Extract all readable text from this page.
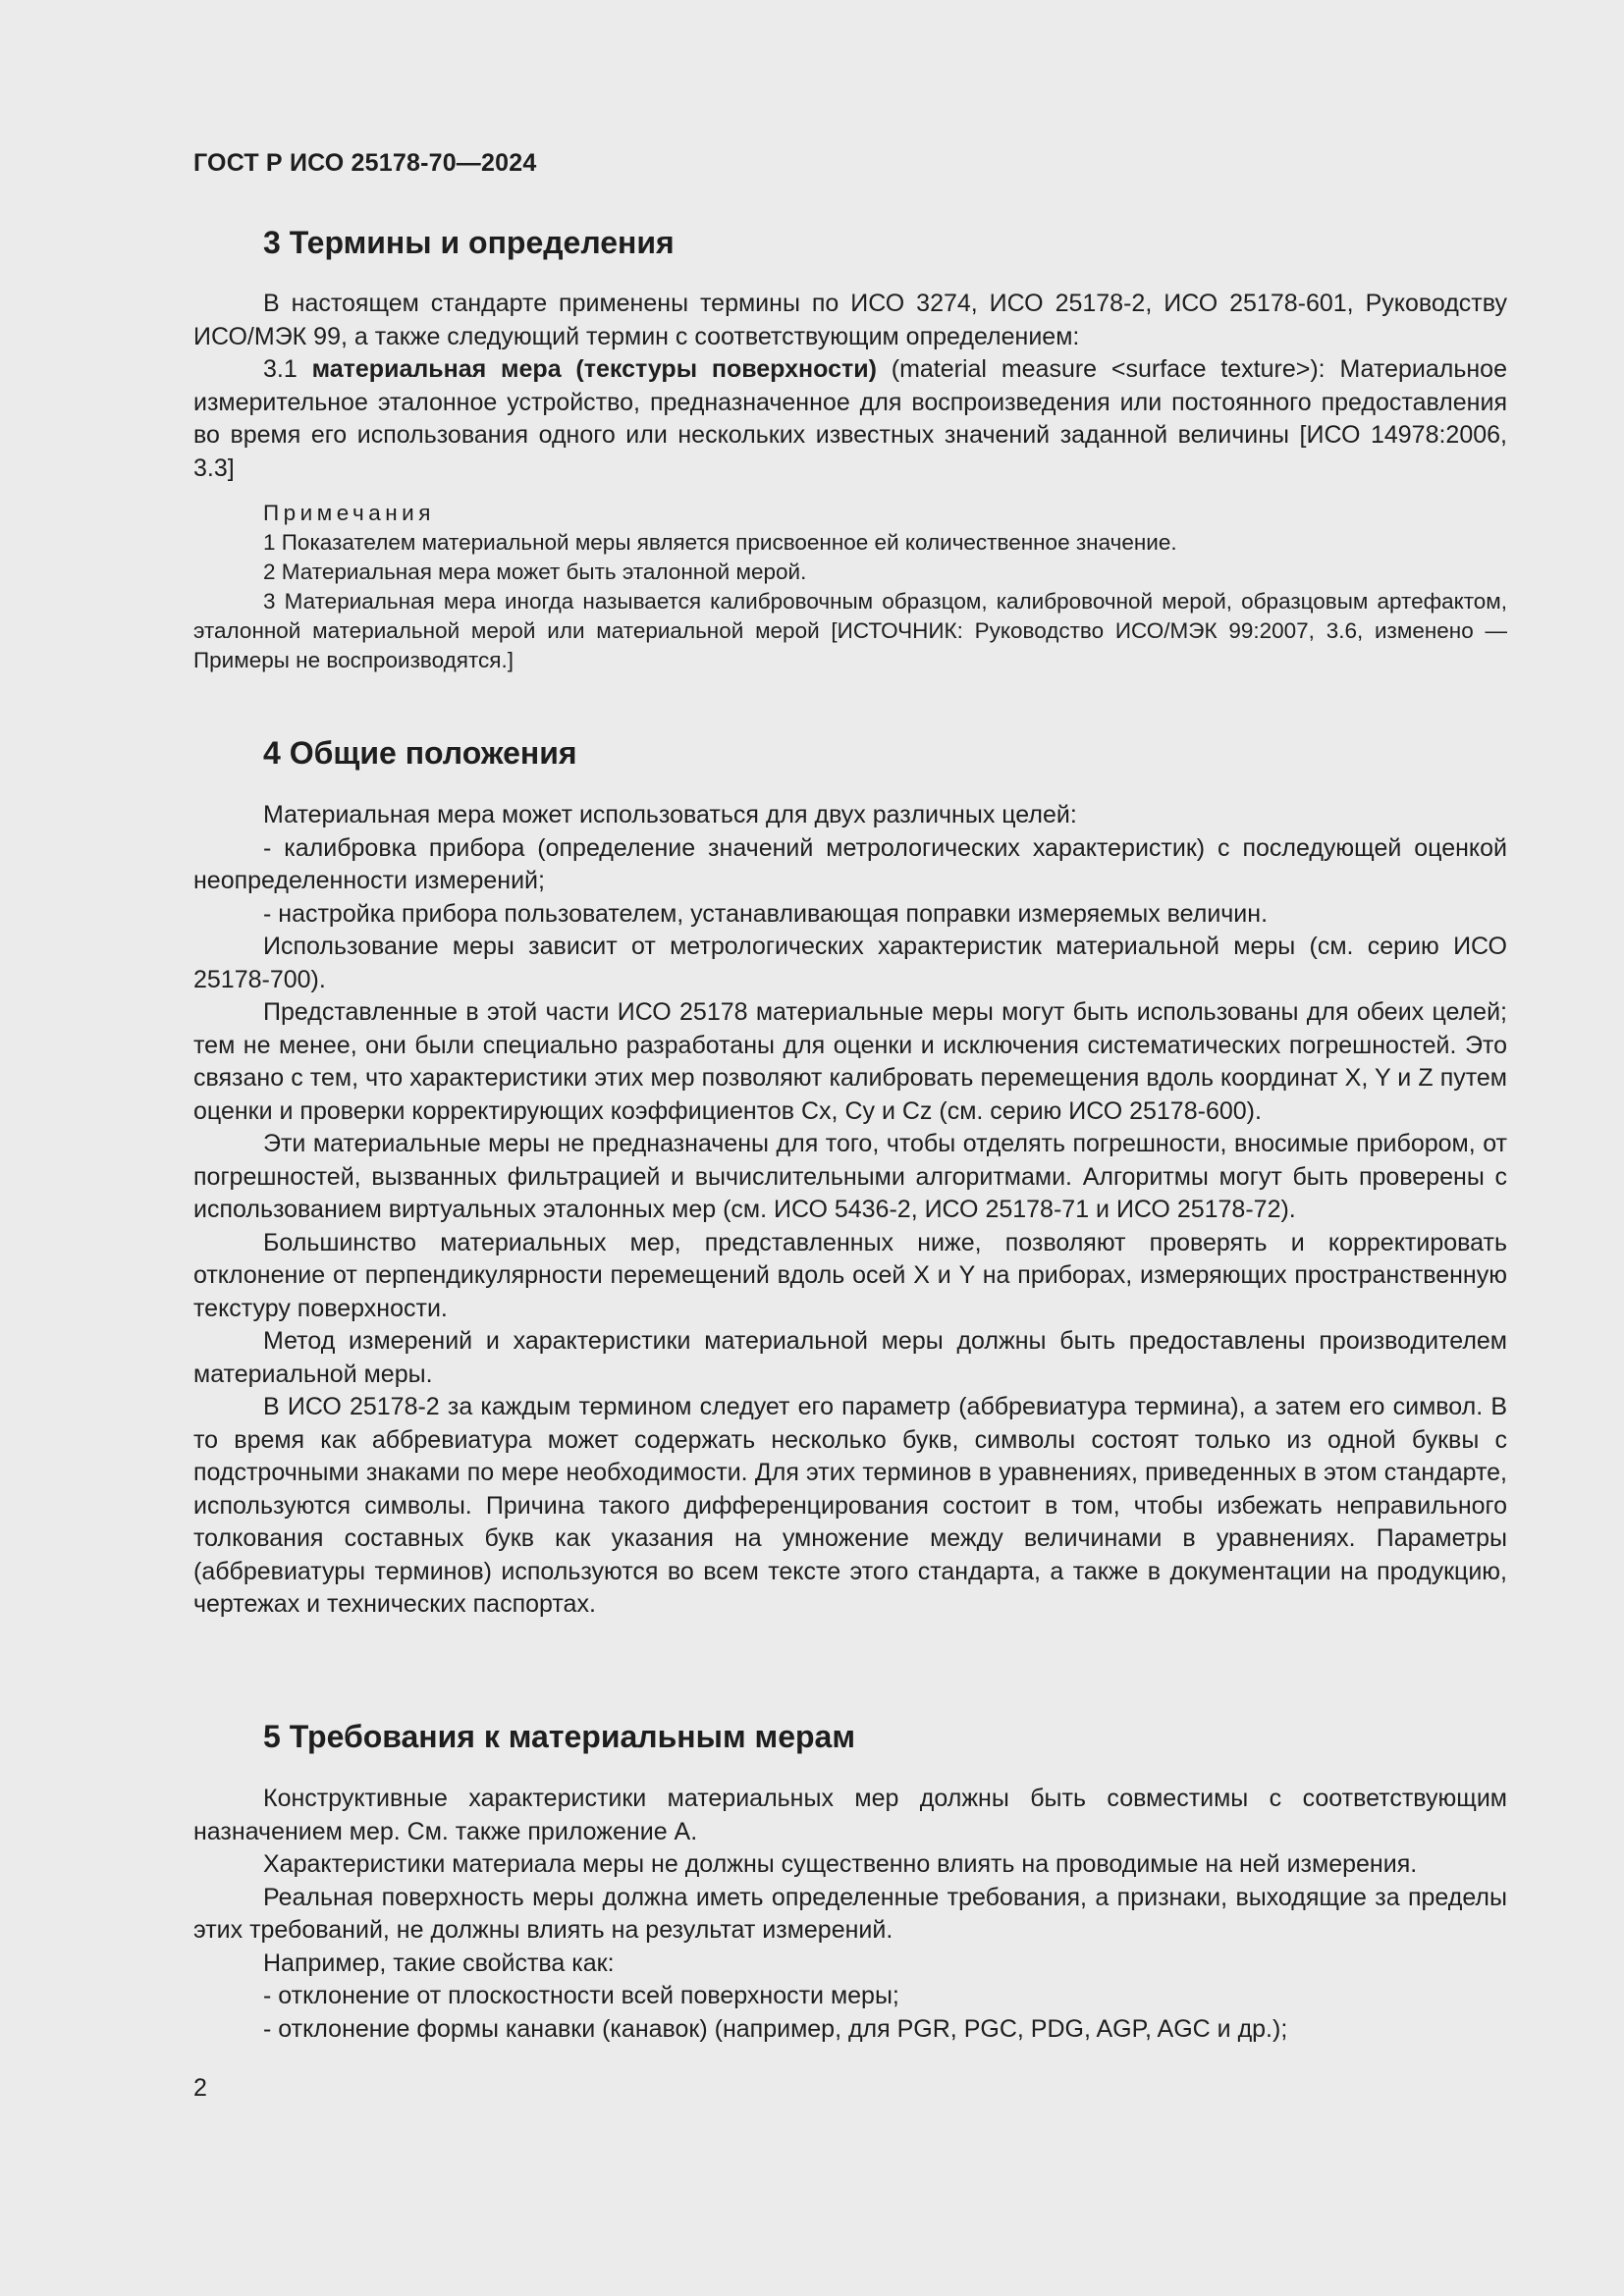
ГОСТ Р ИСО 25178-70—2024
3 Термины и определения

В настоящем стандарте применены термины по ИСО 3274, ИСО 25178-2, ИСО 25178-601, Руководству ИСО/МЭК 99, а также следующий термин с соответствующим определением:

3.1 материальная мера (текстуры поверхности) (material measure <surface texture>): Материальное измерительное эталонное устройство, предназначенное для воспроизведения или постоянного предоставления во время его использования одного или нескольких известных значений заданной величины [ИСО 14978:2006, 3.3]

Примечания

1 Показателем материальной меры является присвоенное ей количественное значение.

2 Материальная мера может быть эталонной мерой.

3 Материальная мера иногда называется калибровочным образцом, калибровочной мерой, образцовым артефактом, эталонной материальной мерой или материальной мерой [ИСТОЧНИК: Руководство ИСО/МЭК 99:2007, 3.6, изменено — Примеры не воспроизводятся.]

4 Общие положения

Материальная мера может использоваться для двух различных целей:

- калибровка прибора (определение значений метрологических характеристик) с последующей оценкой неопределенности измерений;

- настройка прибора пользователем, устанавливающая поправки измеряемых величин.

Использование меры зависит от метрологических характеристик материальной меры (см. серию ИСО 25178-700).

Представленные в этой части ИСО 25178 материальные меры могут быть использованы для обеих целей; тем не менее, они были специально разработаны для оценки и исключения систематических погрешностей. Это связано с тем, что характеристики этих мер позволяют калибровать перемещения вдоль координат X, Y и Z путем оценки и проверки корректирующих коэффициентов Cx, Cy и Cz (см. серию ИСО 25178-600).

Эти материальные меры не предназначены для того, чтобы отделять погрешности, вносимые прибором, от погрешностей, вызванных фильтрацией и вычислительными алгоритмами. Алгоритмы могут быть проверены с использованием виртуальных эталонных мер (см. ИСО 5436-2, ИСО 25178-71 и ИСО 25178-72).

Большинство материальных мер, представленных ниже, позволяют проверять и корректировать отклонение от перпендикулярности перемещений вдоль осей X и Y на приборах, измеряющих пространственную текстуру поверхности.

Метод измерений и характеристики материальной меры должны быть предоставлены производителем материальной меры.

В ИСО 25178-2 за каждым термином следует его параметр (аббревиатура термина), а затем его символ. В то время как аббревиатура может содержать несколько букв, символы состоят только из одной буквы с подстрочными знаками по мере необходимости. Для этих терминов в уравнениях, приведенных в этом стандарте, используются символы. Причина такого дифференцирования состоит в том, чтобы избежать неправильного толкования составных букв как указания на умножение между величинами в уравнениях. Параметры (аббревиатуры терминов) используются во всем тексте этого стандарта, а также в документации на продукцию, чертежах и технических паспортах.

5 Требования к материальным мерам

Конструктивные характеристики материальных мер должны быть совместимы с соответствующим назначением мер. См. также приложение А.

Характеристики материала меры не должны существенно влиять на проводимые на ней измерения.

Реальная поверхность меры должна иметь определенные требования, а признаки, выходящие за пределы этих требований, не должны влиять на результат измерений.

Например, такие свойства как:

- отклонение от плоскостности всей поверхности меры;

- отклонение формы канавки (канавок) (например, для PGR, PGC, PDG, AGP, AGC и др.);

2
